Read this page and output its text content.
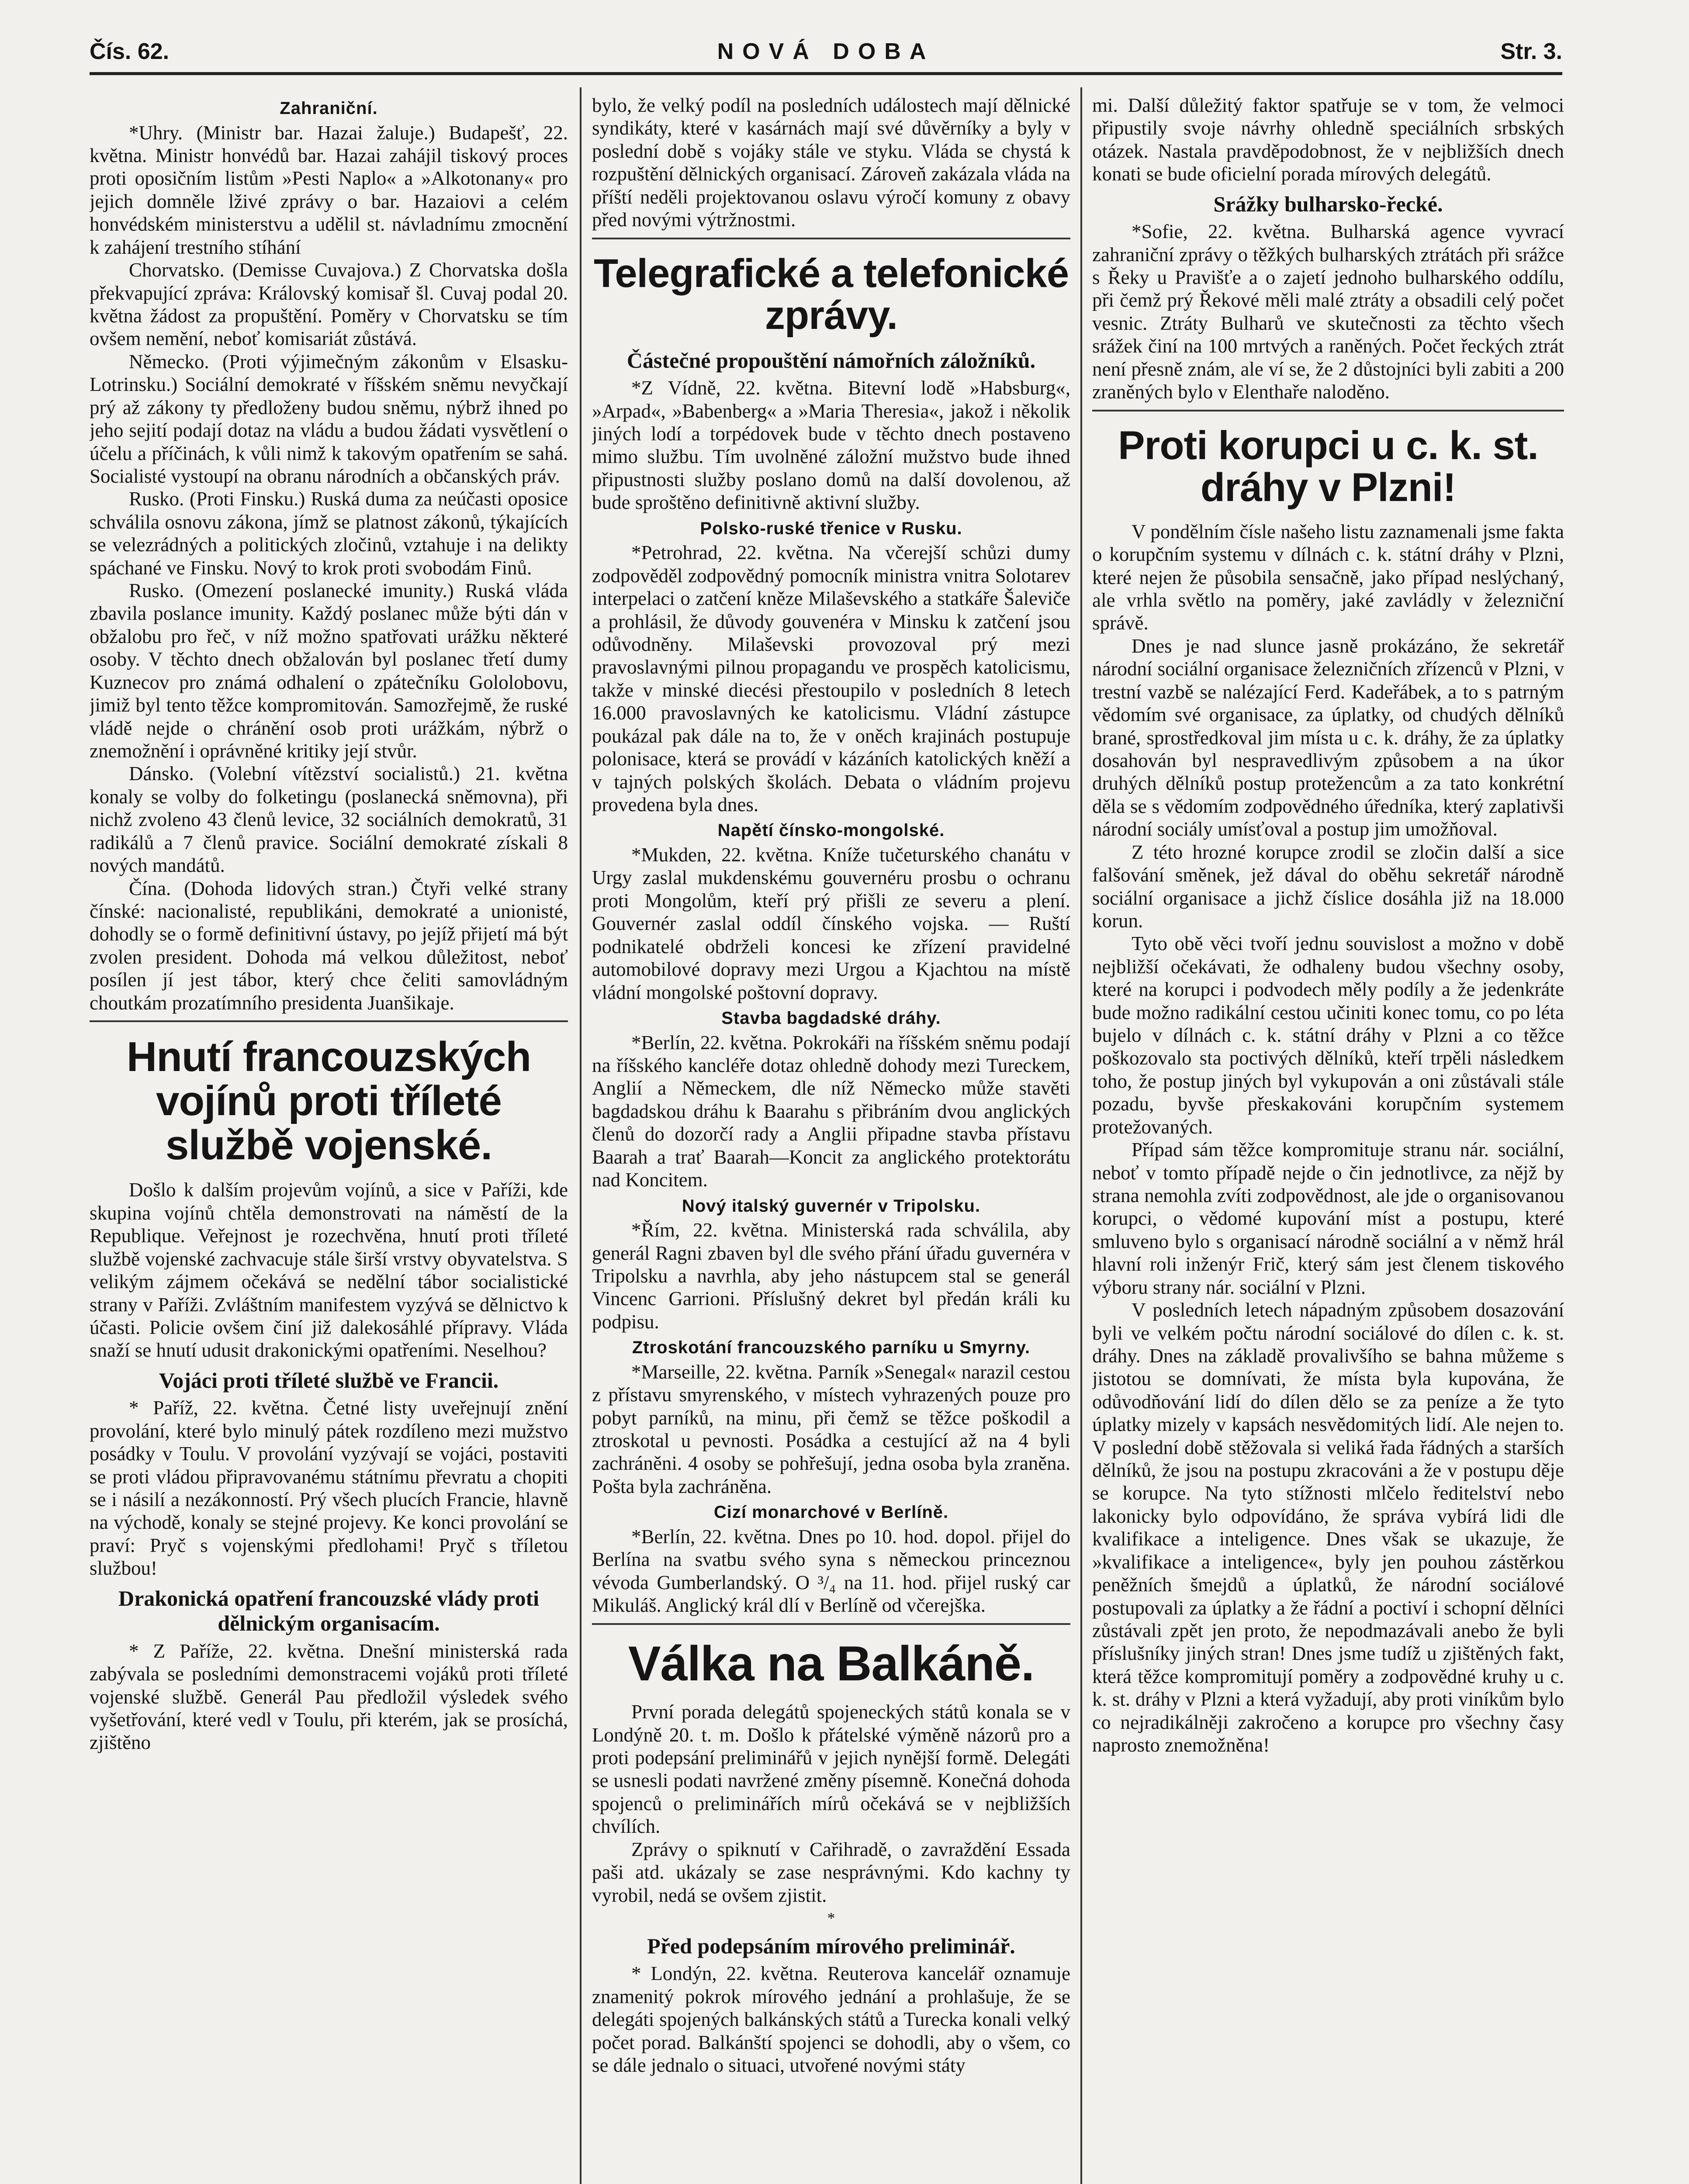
Čís. 62.	NOVÁ DOBA	Str. 3.
Zahraniční.

*Uhry. (Ministr bar. Hazai žaluje.) Budapešť, 22. května. Ministr honvédů bar. Hazai zahájil tiskový proces proti oposičním listům »Pesti Naplo« a »Alkotonany« pro jejich domněle lživé zprávy o bar. Hazaiovi a celém honvédském ministerstvu a udělil st. návladnímu zmocnění k zahájení trestního stíhání

Chorvatsko. (Demisse Cuvajova.) Z Chorvatska došla překvapující zpráva: Královský komisař šl. Cuvaj podal 20. května žádost za propuštění. Poměry v Chorvatsku se tím ovšem nemění, neboť komisariát zůstává.

Německo. (Proti výjimečným zákonům v Elsasku-Lotrinsku.) Sociální demokraté v říšském sněmu nevyčkají prý až zákony ty předloženy budou sněmu, nýbrž ihned po jeho sejití podají dotaz na vládu a budou žádati vysvětlení o účelu a příčinách, k vůli nimž k takovým opatřením se sahá. Socialisté vystoupí na obranu národních a občanských práv.

Rusko. (Proti Finsku.) Ruská duma za neúčasti oposice schválila osnovu zákona, jímž se platnost zákonů, týkajících se velezrádných a politických zločinů, vztahuje i na delikty spáchané ve Finsku. Nový to krok proti svobodám Finů.

Rusko. (Omezení poslanecké imunity.) Ruská vláda zbavila poslance imunity. Každý poslanec může býti dán v obžalobu pro řeč, v níž možno spatřovati urážku některé osoby. V těchto dnech obžalován byl poslanec třetí dumy Kuznecov pro známá odhalení o zpátečníku Gololobovu, jimiž byl tento těžce kompromitován. Samozřejmě, že ruské vládě nejde o chránění osob proti urážkám, nýbrž o znemožnění i oprávněné kritiky její stvůr.

Dánsko. (Volební vítězství socialistů.) 21. května konaly se volby do folketingu (poslanecká sněmovna), při nichž zvoleno 43 členů levice, 32 sociálních demokratů, 31 radikálů a 7 členů pravice. Sociální demokraté získali 8 nových mandátů.

Čína. (Dohoda lidových stran.) Čtyři velké strany čínské: nacionalisté, republikáni, demokraté a unionisté, dohodly se o formě definitivní ústavy, po jejíž přijetí má být zvolen president. Dohoda má velkou důležitost, neboť posílen jí jest tábor, který chce čeliti samovládným choutkám prozatímního presidenta Juanšikaje.

Hnutí francouzských vojínů proti tříleté službě vojenské.

Došlo k dalším projevům vojínů, a sice v Paříži, kde skupina vojínů chtěla demonstrovati na náměstí de la Republique. Veřejnost je rozechvěna, hnutí proti tříleté službě vojenské zachvacuje stále širší vrstvy obyvatelstva. S velikým zájmem očekává se nedělní tábor socialistické strany v Paříži. Zvláštním manifestem vyzývá se dělnictvo k účasti. Policie ovšem činí již dalekosáhlé přípravy. Vláda snaží se hnutí udusit drakonickými opatřeními. Neselhou?

Vojáci proti tříleté službě ve Francii.

* Paříž, 22. května. Četné listy uveřejnují znění provolání, které bylo minulý pátek rozdíleno mezi mužstvo posádky v Toulu. V provolání vyzývají se vojáci, postaviti se proti vládou připravovanému státnímu převratu a chopiti se i násilí a nezákonností. Prý všech plucích Francie, hlavně na východě, konaly se stejné projevy. Ke konci provolání se praví: Pryč s vojenskými předlohami! Pryč s tříletou službou!

Drakonická opatření francouzské vlády proti dělnickým organisacím.

* Z Paříže, 22. května. Dnešní ministerská rada zabývala se posledními demonstracemi vojáků proti tříleté vojenské službě. Generál Pau předložil výsledek svého vyšetřování, které vedl v Toulu, při kterém, jak se prosíchá, zjištěno

bylo, že velký podíl na posledních událostech mají dělnické syndikáty, které v kasárnách mají své důvěrníky a byly v poslední době s vojáky stále ve styku. Vláda se chystá k rozpuštění dělnických organisací. Zároveň zakázala vláda na příští neděli projektovanou oslavu výročí komuny z obavy před novými výtržnostmi.

Telegrafické a telefonické zprávy.
Částečné propouštění námořních záložníků.

*Z Vídně, 22. května. Bitevní lodě »Habsburg«, »Arpad«, »Babenberg« a »Maria Theresia«, jakož i několik jiných lodí a torpédovek bude v těchto dnech postaveno mimo službu. Tím uvolněné záložní mužstvo bude ihned připustnosti služby poslano domů na další dovolenou, až bude sproštěno definitivně aktivní služby.

Polsko-ruské třenice v Rusku.

*Petrohrad, 22. května. Na včerejší schůzi dumy zodpověděl zodpovědný pomocník ministra vnitra Solotarev interpelaci o zatčení kněze Milaševského a statkáře Šaleviče a prohlásil, že důvody gouvenéra v Minsku k zatčení jsou odůvodněny. Milaševski provozoval prý mezi pravoslavnými pilnou propagandu ve prospěch katolicismu, takže v minské diecési přestoupilo v posledních 8 letech 16.000 pravoslavných ke katolicismu. Vládní zástupce poukázal pak dále na to, že v oněch krajinách postupuje polonisace, která se provádí v kázáních katolických kněží a v tajných polských školách. Debata o vládním projevu provedena byla dnes.

Napětí čínsko-mongolské.

*Mukden, 22. května. Kníže tučeturského chanátu v Urgy zaslal mukdenskému gouvernéru prosbu o ochranu proti Mongolům, kteří prý přišli ze severu a plení. Gouvernér zaslal oddíl čínského vojska. — Ruští podnikatelé obdrželi koncesi ke zřízení pravidelné automobilové dopravy mezi Urgou a Kjachtou na místě vládní mongolské poštovní dopravy.

Stavba bagdadské dráhy.

*Berlín, 22. května. Pokrokáři na říšském sněmu podají na říšského kancléře dotaz ohledně dohody mezi Tureckem, Anglií a Německem, dle níž Německo může stavěti bagdadskou dráhu k Baarahu s přibráním dvou anglických členů do dozorčí rady a Anglii připadne stavba přístavu Baarah a trať Baarah—Koncit za anglického protektorátu nad Koncitem.

Nový italský guvernér v Tripolsku.

*Řím, 22. května. Ministerská rada schválila, aby generál Ragni zbaven byl dle svého přání úřadu guvernéra v Tripolsku a navrhla, aby jeho nástupcem stal se generál Vincenc Garrioni. Příslušný dekret byl předán králi ku podpisu.

Ztroskotání francouzského parníku u Smyrny.

*Marseille, 22. května. Parník »Senegal« narazil cestou z přístavu smyrenského, v místech vyhrazených pouze pro pobyt parníků, na minu, při čemž se těžce poškodil a ztroskotal u pevnosti. Posádka a cestující až na 4 byli zachráněni. 4 osoby se pohřešují, jedna osoba byla zraněna. Pošta byla zachráněna.

Cizí monarchové v Berlíně.

*Berlín, 22. května. Dnes po 10. hod. dopol. přijel do Berlína na svatbu svého syna s německou princeznou vévoda Gumberlandský. O ³/₄ na 11. hod. přijel ruský car Mikuláš. Anglický král dlí v Berlíně od včerejška.

Válka na Balkáně.

První porada delegátů spojeneckých států konala se v Londýně 20. t. m. Došlo k přátelské výměně názorů pro a proti podepsání preliminářů v jejich nynější formě. Delegáti se usnesli podati navržené změny písemně. Konečná dohoda spojenců o preliminářích mírů očekává se v nejbližších chvílích.

Zprávy o spiknutí v Cařihradě, o zavraždění Essada paši atd. ukázaly se zase nesprávnými. Kdo kachny ty vyrobil, nedá se ovšem zjistit.

*
Před podepsáním mírového preliminář.

* Londýn, 22. května. Reuterova kancelář oznamuje znamenitý pokrok mírového jednání a prohlašuje, že se delegáti spojených balkánských států a Turecka konali velký počet porad. Balkánští spojenci se dohodli, aby o všem, co se dále jednalo o situaci, utvořené novými státy

mi. Další důležitý faktor spatřuje se v tom, že velmoci připustily svoje návrhy ohledně speciálních srbských otázek. Nastala pravděpodobnost, že v nejbližších dnech konati se bude oficielní porada mírových delegátů.

Srážky bulharsko-řecké.

*Sofie, 22. května. Bulharská agence vyvrací zahraniční zprávy o těžkých bulharských ztrátách při srážce s Řeky u Pravišťe a o zajetí jednoho bulharského oddílu, při čemž prý Řekové měli malé ztráty a obsadili celý počet vesnic. Ztráty Bulharů ve skutečnosti za těchto všech srážek činí na 100 mrtvých a raněných. Počet řeckých ztrát není přesně znám, ale ví se, že 2 důstojníci byli zabiti a 200 zraněných bylo v Elenthaře naloděno.

Proti korupci u c. k. st. dráhy v Plzni!

V pondělním čísle našeho listu zaznamenali jsme fakta o korupčním systemu v dílnách c. k. státní dráhy v Plzni, které nejen že působila sensačně, jako případ neslýchaný, ale vrhla světlo na poměry, jaké zavládly v železniční správě.

Dnes je nad slunce jasně prokázáno, že sekretář národní sociální organisace železničních zřízenců v Plzni, v trestní vazbě se nalézající Ferd. Kadeřábek, a to s patrným vědomím své organisace, za úplatky, od chudých dělníků brané, sprostředkoval jim místa u c. k. dráhy, že za úplatky dosahován byl nespravedlivým způsobem a na úkor druhých dělníků postup protežencům a za tato konkrétní děla se s vědomím zodpovědného úředníka, který zaplativši národní sociály umísťoval a postup jim umožňoval.

Z této hrozné korupce zrodil se zločin další a sice falšování směnek, jež dával do oběhu sekretář národně sociální organisace a jichž číslice dosáhla již na 18.000 korun.

Tyto obě věci tvoří jednu souvislost a možno v době nejbližší očekávati, že odhaleny budou všechny osoby, které na korupci i podvodech měly podíly a že jedenkráte bude možno radikální cestou učiniti konec tomu, co po léta bujelo v dílnách c. k. státní dráhy v Plzni a co těžce poškozovalo sta poctivých dělníků, kteří trpěli následkem toho, že postup jiných byl vykupován a oni zůstávali stále pozadu, byvše přeskakováni korupčním systemem protežovaných.

Případ sám těžce kompromituje stranu nár. sociální, neboť v tomto případě nejde o čin jednotlivce, za nějž by strana nemohla zvíti zodpovědnost, ale jde o organisovanou korupci, o vědomé kupování míst a postupu, které smluveno bylo s organisací národně sociální a v němž hrál hlavní roli inženýr Frič, který sám jest členem tiskového výboru strany nár. sociální v Plzni.

V posledních letech nápadným způsobem dosazování byli ve velkém počtu národní sociálové do dílen c. k. st. dráhy. Dnes na základě provalivšího se bahna můžeme s jistotou se domnívati, že místa byla kupována, že odůvodňování lidí do dílen dělo se za peníze a že tyto úplatky mizely v kapsách nesvědomitých lidí. Ale nejen to. V poslední době stěžovala si veliká řada řádných a starších dělníků, že jsou na postupu zkracováni a že v postupu děje se korupce. Na tyto stížnosti mlčelo ředitelství nebo lakonicky bylo odpovídáno, že správa vybírá lidi dle kvalifikace a inteligence. Dnes však se ukazuje, že »kvalifikace a inteligence«, byly jen pouhou zástěrkou peněžních šmejdů a úplatků, že národní sociálové postupovali za úplatky a že řádní a poctiví i schopní dělníci zůstávali zpět jen proto, že nepodmazávali anebo že byli příslušníky jiných stran! Dnes jsme tudíž u zjištěných fakt, která těžce kompromitují poměry a zodpovědné kruhy u c. k. st. dráhy v Plzni a která vyžadují, aby proti viníkům bylo co nejradikálněji zakročeno a korupce pro všechny časy naprosto znemožněna!
